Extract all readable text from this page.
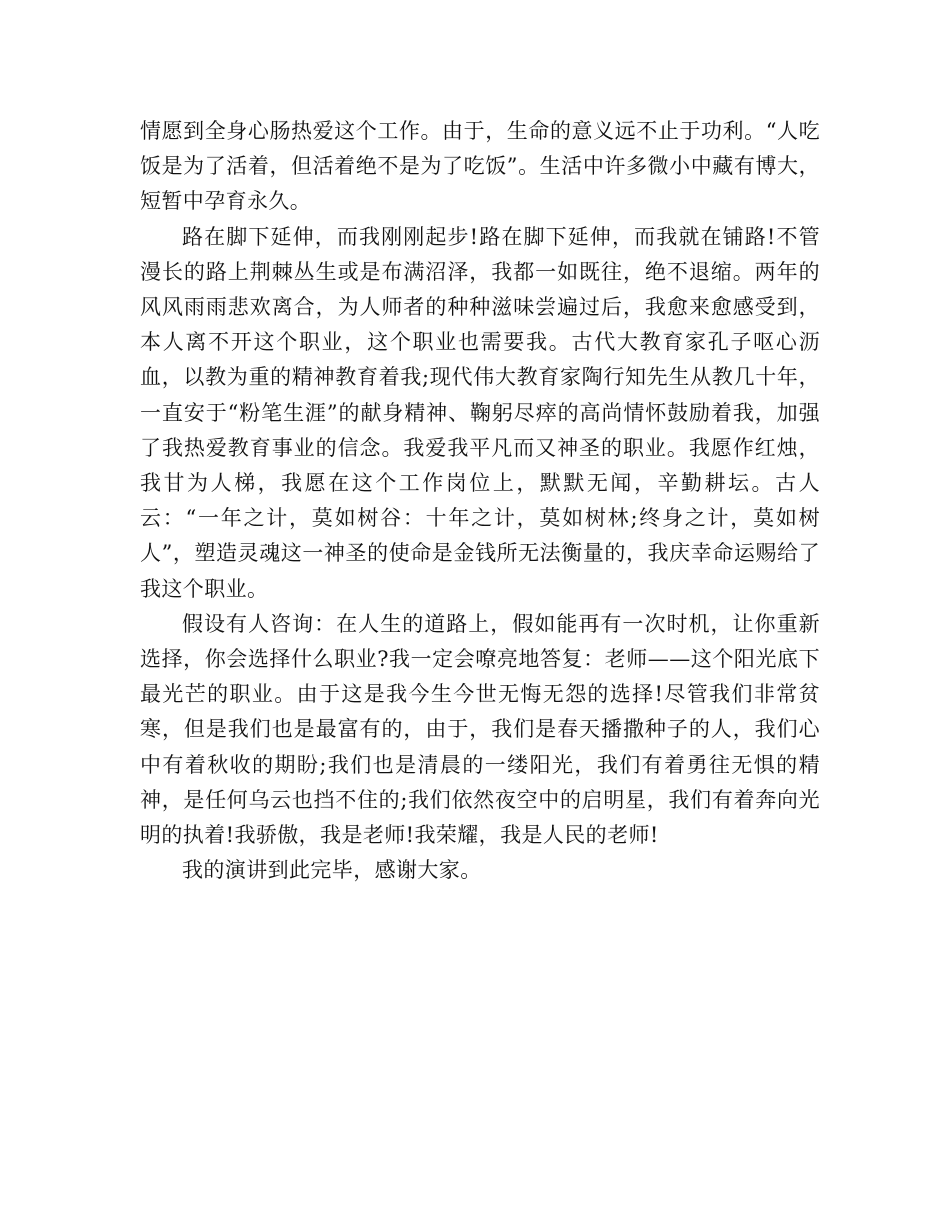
情愿到全身心肠热爱这个工作。由于，生命的意义远不止于功利。“人吃饭是为了活着，但活着绝不是为了吃饭”。生活中许多微小中藏有博大，短暂中孕育永久。

路在脚下延伸，而我刚刚起步!路在脚下延伸，而我就在铺路!不管漫长的路上荆棘丛生或是布满沼泽，我都一如既往，绝不退缩。两年的风风雨雨悲欢离合，为人师者的种种滋味尝遍过后，我愈来愈感受到，本人离不开这个职业，这个职业也需要我。古代大教育家孔子呕心沥血，以教为重的精神教育着我;现代伟大教育家陶行知先生从教几十年，一直安于“粉笔生涯”的献身精神、鞠躬尽瘁的高尚情怀鼓励着我，加强了我热爱教育事业的信念。我爱我平凡而又神圣的职业。我愿作红烛，我甘为人梯，我愿在这个工作岗位上，默默无闻，辛勤耕坛。古人云：“一年之计，莫如树谷：十年之计，莫如树林;终身之计，莫如树人”，塑造灵魂这一神圣的使命是金钱所无法衡量的，我庆幸命运赐给了我这个职业。

假设有人咨询：在人生的道路上，假如能再有一次时机，让你重新选择，你会选择什么职业?我一定会嘹亮地答复：老师——这个阳光底下最光芒的职业。由于这是我今生今世无悔无怨的选择!尽管我们非常贫寒，但是我们也是最富有的，由于，我们是春天播撒种子的人，我们心中有着秋收的期盼;我们也是清晨的一缕阳光，我们有着勇往无惧的精神，是任何乌云也挡不住的;我们依然夜空中的启明星，我们有着奔向光明的执着!我骄傲，我是老师!我荣耀，我是人民的老师!

我的演讲到此完毕，感谢大家。
